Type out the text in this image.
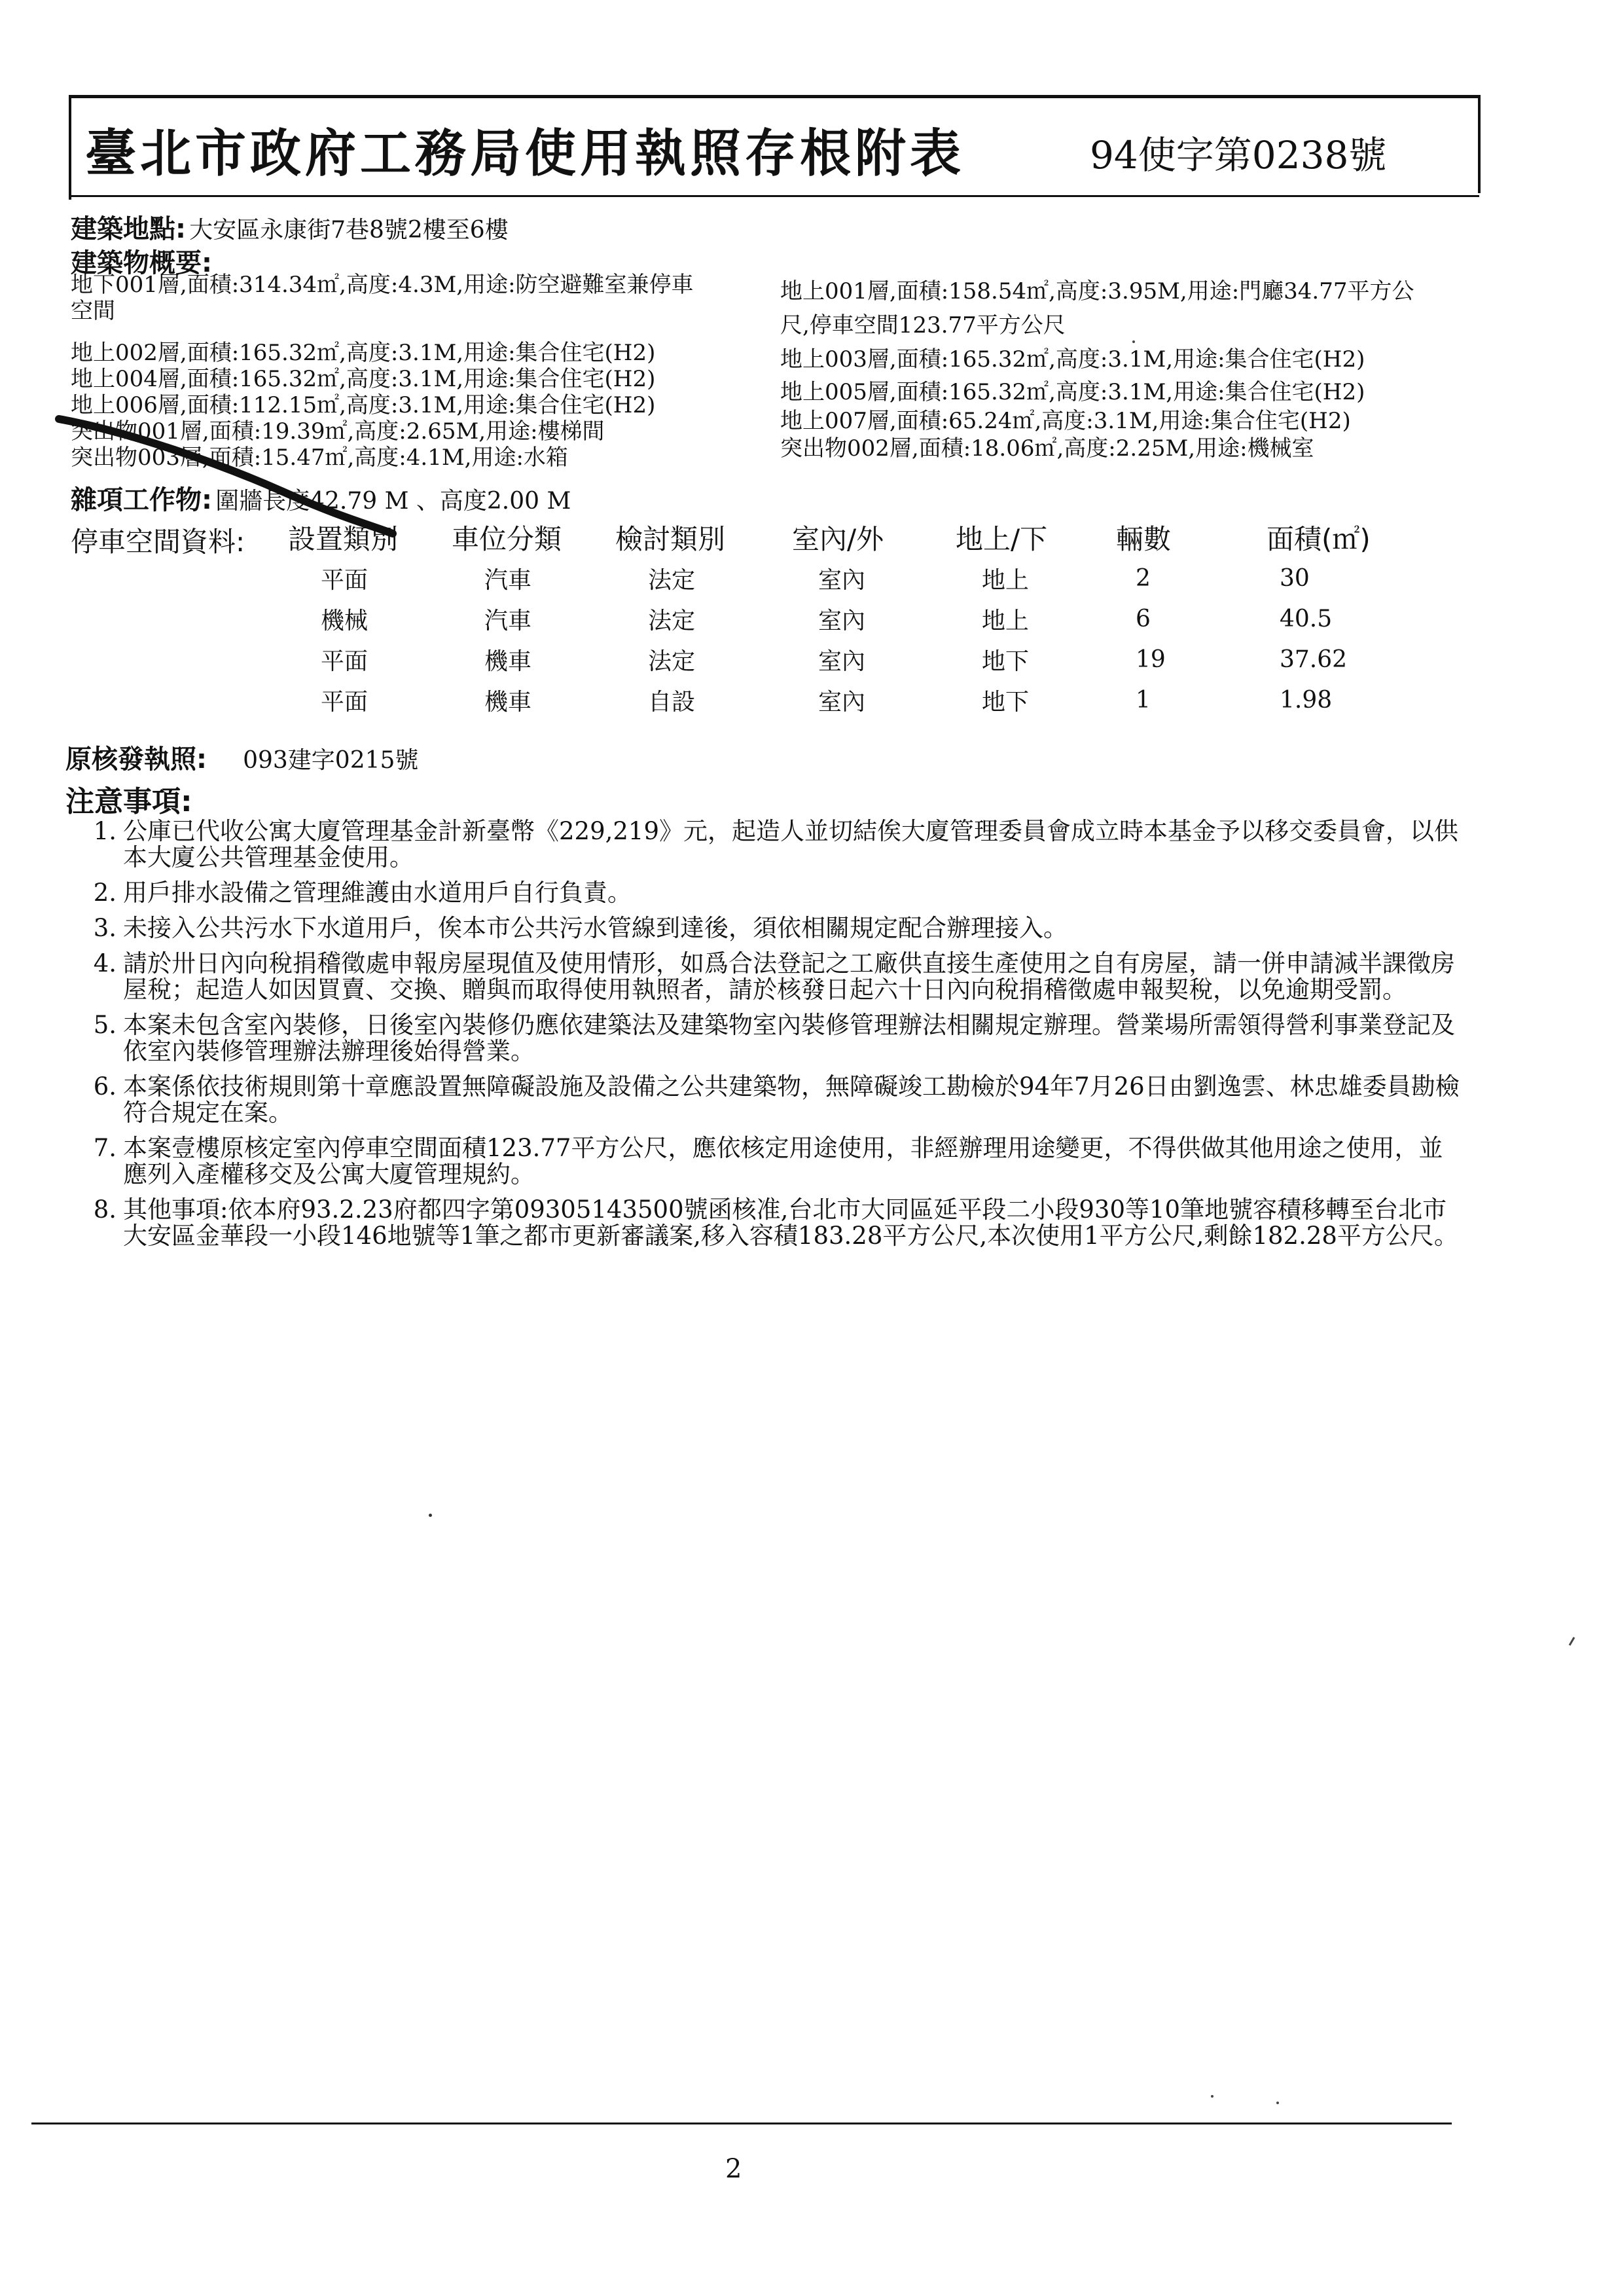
臺北市政府工務局使用執照存根附表	94使字第0238號
建築地點: 大安區永康街7巷8號2樓至6樓
建築物概要:
地下001層,面積:314.34㎡,高度:4.3M,用途:防空避難室兼停車
空間
地上002層,面積:165.32㎡,高度:3.1M,用途:集合住宅(H2)
地上004層,面積:165.32㎡,高度:3.1M,用途:集合住宅(H2)
地上006層,面積:112.15㎡,高度:3.1M,用途:集合住宅(H2)
突出物001層,面積:19.39㎡,高度:2.65M,用途:樓梯間
突出物003層,面積:15.47㎡,高度:4.1M,用途:水箱
地上001層,面積:158.54㎡,高度:3.95M,用途:門廳34.77平方公
尺,停車空間123.77平方公尺
地上003層,面積:165.32㎡,高度:3.1M,用途:集合住宅(H2)
地上005層,面積:165.32㎡,高度:3.1M,用途:集合住宅(H2)
地上007層,面積:65.24㎡,高度:3.1M,用途:集合住宅(H2)
突出物002層,面積:18.06㎡,高度:2.25M,用途:機械室
雜項工作物: 圍牆長度42.79 M 、高度2.00 M
停車空間資料: 設置類別	車位分類	檢討類別	室內/外	地上/下	輛數	面積(㎡)
平面	汽車	法定	室內	地上	2	30
機械	汽車	法定	室內	地上	6	40.5
平面	機車	法定	室內	地下	19	37.62
平面	機車	自設	室內	地下	1	1.98
原核發執照: 093建字0215號
注意事項:
1. 公庫已代收公寓大廈管理基金計新臺幣《229,219》元，起造人並切結俟大廈管理委員會成立時本基金予以移交委員會，以供本大廈公共管理基金使用。
2. 用戶排水設備之管理維護由水道用戶自行負責。
3. 未接入公共污水下水道用戶，俟本市公共污水管線到達後，須依相關規定配合辦理接入。
4. 請於卅日內向稅捐稽徵處申報房屋現值及使用情形，如爲合法登記之工廠供直接生產使用之自有房屋，請一併申請減半課徵房屋稅；起造人如因買賣、交換、贈與而取得使用執照者，請於核發日起六十日內向稅捐稽徵處申報契稅，以免逾期受罰。
5. 本案未包含室內裝修，日後室內裝修仍應依建築法及建築物室內裝修管理辦法相關規定辦理。營業場所需領得營利事業登記及依室內裝修管理辦法辦理後始得營業。
6. 本案係依技術規則第十章應設置無障礙設施及設備之公共建築物，無障礙竣工勘檢於94年7月26日由劉逸雲、林忠雄委員勘檢符合規定在案。
7. 本案壹樓原核定室內停車空間面積123.77平方公尺，應依核定用途使用，非經辦理用途變更，不得供做其他用途之使用，並應列入產權移交及公寓大廈管理規約。
8. 其他事項:依本府93.2.23府都四字第09305143500號函核准,台北市大同區延平段二小段930等10筆地號容積移轉至台北市大安區金華段一小段146地號等1筆之都市更新審議案,移入容積183.28平方公尺,本次使用1平方公尺,剩餘182.28平方公尺。
2
